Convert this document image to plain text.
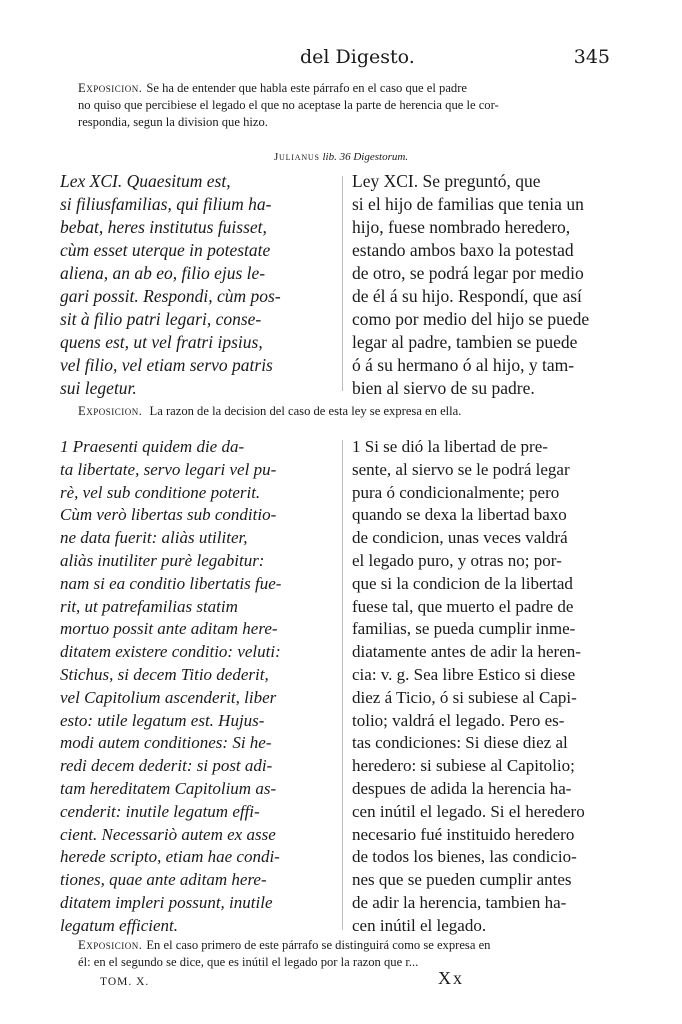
del Digesto.	345
Exposicion. Se ha de entender que habla este párrafo en el caso que el padre
no quiso que percibiese el legado el que no aceptase la parte de herencia que le cor-
respondia, segun la division que hizo.
Julianus lib. 36 Digestorum.
Lex XCI. Quaesitum est,
si filiusfamilias, qui filium ha-
bebat, heres institutus fuisset,
cùm esset uterque in potestate
aliena, an ab eo, filio ejus le-
gari possit. Respondi, cùm pos-
sit à filio patri legari, conse-
quens est, ut vel fratri ipsius,
vel filio, vel etiam servo patris
sui legetur.
Ley XCI. Se preguntó, que
si el hijo de familias que tenia un
hijo, fuese nombrado heredero,
estando ambos baxo la potestad
de otro, se podrá legar por medio
de él á su hijo. Respondí, que así
como por medio del hijo se puede
legar al padre, tambien se puede
ó á su hermano ó al hijo, y tam-
bien al siervo de su padre.
Exposicion. La razon de la decision del caso de esta ley se expresa en ella.
1 Praesenti quidem die da-
ta libertate, servo legari vel pu-
rè, vel sub conditione poterit.
Cùm verò libertas sub conditio-
ne data fuerit: aliàs utiliter,
aliàs inutiliter purè legabitur:
nam si ea conditio libertatis fue-
rit, ut patrefamilias statim
mortuo possit ante aditam here-
ditatem existere conditio: veluti:
Stichus, si decem Titio dederit,
vel Capitolium ascenderit, liber
esto: utile legatum est. Hujus-
modi autem conditiones: Si he-
redi decem dederit: si post adi-
tam hereditatem Capitolium as-
cenderit: inutile legatum effi-
cient. Necessariò autem ex asse
herede scripto, etiam hae condi-
tiones, quae ante aditam here-
ditatem impleri possunt, inutile
legatum efficient.
1 Si se dió la libertad de pre-
sente, al siervo se le podrá legar
pura ó condicionalmente; pero
quando se dexa la libertad baxo
de condicion, unas veces valdrá
el legado puro, y otras no; por-
que si la condicion de la libertad
fuese tal, que muerto el padre de
familias, se pueda cumplir inme-
diatamente antes de adir la heren-
cia: v. g. Sea libre Estico si diese
diez á Ticio, ó si subiese al Capi-
tolio; valdrá el legado. Pero es-
tas condiciones: Si diese diez al
heredero: si subiese al Capitolio;
despues de adida la herencia ha-
cen inútil el legado. Si el heredero
necesario fué instituido heredero
de todos los bienes, las condicio-
nes que se pueden cumplir antes
de adir la herencia, tambien ha-
cen inútil el legado.
Exposicion. En el caso primero de este párrafo se distinguirá como se expresa en
él: en el segundo se dice, que es inútil el legado por la razon que r...
TOM. X.	Xx
